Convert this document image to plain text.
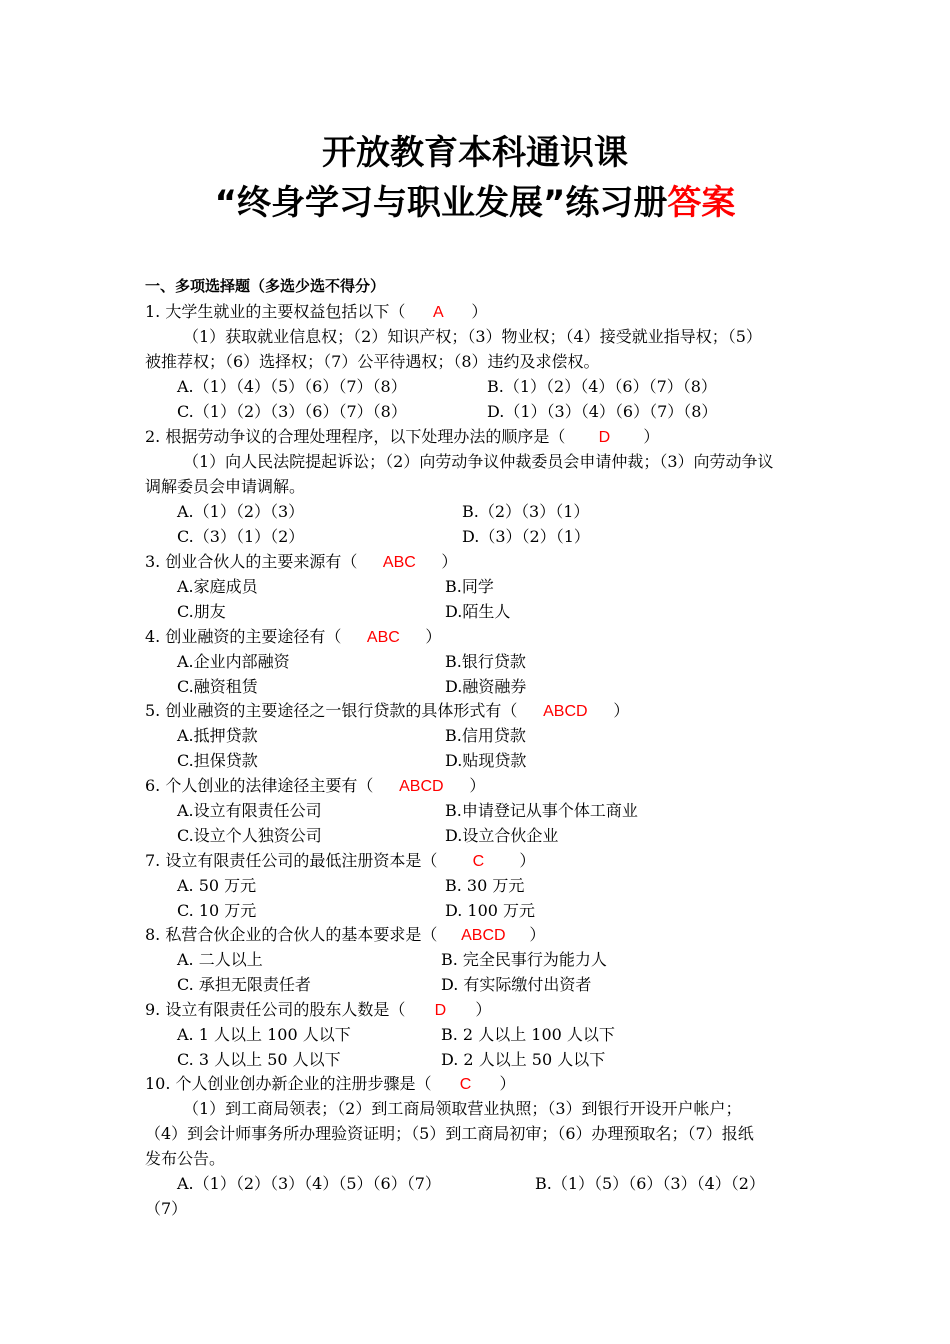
开放教育本科通识课
“终身学习与职业发展”练习册答案
一、多项选择题（多选少选不得分）
1. 大学生就业的主要权益包括以下（ A ）
（1）获取就业信息权；（2）知识产权；（3）物业权；（4）接受就业指导权；（5）
被推荐权；（6）选择权；（7）公平待遇权；（8）违约及求偿权。
A.（1）（4）（5）（6）（7）（8）	B.（1）（2）（4）（6）（7）（8）
C.（1）（2）（3）（6）（7）（8）	D.（1）（3）（4）（6）（7）（8）
2. 根据劳动争议的合理处理程序，以下处理办法的顺序是（ D ）
（1）向人民法院提起诉讼；（2）向劳动争议仲裁委员会申请仲裁；（3）向劳动争议
调解委员会申请调解。
A.（1）（2）（3）	B.（2）（3）（1）
C.（3）（1）（2）	D.（3）（2）（1）
3. 创业合伙人的主要来源有（ ABC ）
A.家庭成员	B.同学
C.朋友	D.陌生人
4. 创业融资的主要途径有（ ABC ）
A.企业内部融资	B.银行贷款
C.融资租赁	D.融资融券
5. 创业融资的主要途径之一银行贷款的具体形式有（ ABCD ）
A.抵押贷款	B.信用贷款
C.担保贷款	D.贴现贷款
6. 个人创业的法律途径主要有（ ABCD ）
A.设立有限责任公司	B.申请登记从事个体工商业
C.设立个人独资公司	D.设立合伙企业
7. 设立有限责任公司的最低注册资本是（ C ）
A. 50 万元	B. 30 万元
C. 10 万元	D. 100 万元
8. 私营合伙企业的合伙人的基本要求是（ ABCD ）
A. 二人以上	B. 完全民事行为能力人
C. 承担无限责任者	D. 有实际缴付出资者
9. 设立有限责任公司的股东人数是（ D ）
A. 1 人以上 100 人以下	B. 2 人以上 100 人以下
C. 3 人以上 50 人以下	D. 2 人以上 50 人以下
10. 个人创业创办新企业的注册步骤是（ C ）
（1）到工商局领表；（2）到工商局领取营业执照；（3）到银行开设开户帐户；
（4）到会计师事务所办理验资证明；（5）到工商局初审；（6）办理预取名；（7）报纸
发布公告。
A.（1）（2）（3）（4）（5）（6）（7）	B.（1）（5）（6）（3）（4）（2）
（7）
